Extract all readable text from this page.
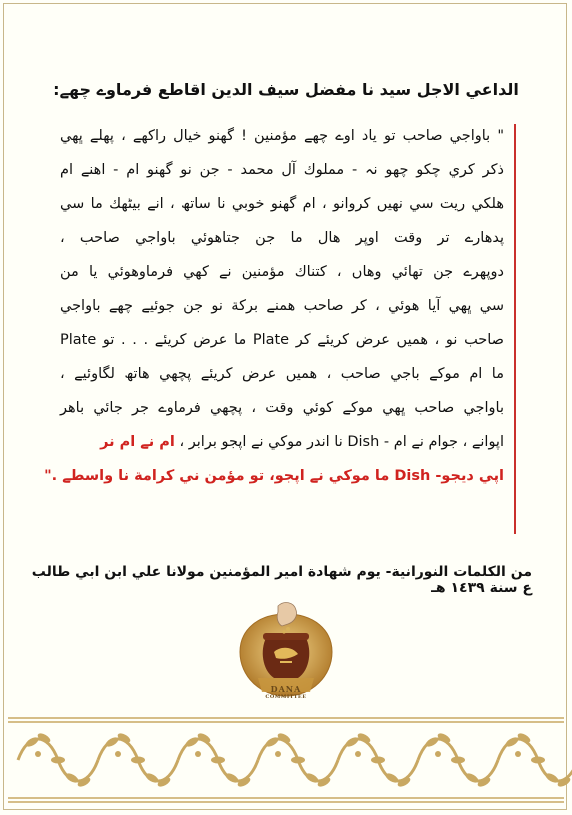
الداعي الاجل سيد نا مفضل سيف الدين اقاطع فرماوے چھے:
" باواجي صاحب تو ياد اوے چھے مؤمنين ! گھنو خيال راكھے ، پهلے ڀهي
ذكر كري چكو چهو نہ - مملوك آل محمد - جن نو گھنو ام - اهنے ام
هلكي ريت سي نهيں كروانو ، ام گھنو خوبي نا ساتھ ، انے بيٹهك ما سي
پدهارے تر وقت اوپر هال ما جن جتاهوئي باواجي صاحب ،
دوپهرے جن تھائي وهاں ، كتناك مؤمنين نے كھي فرماوهوئي يا من
سي ڀهي آيا هوئي ، كر صاحب همنے بركة نو جن جوئيے چھے باواجي
صاحب نو ، هميں عرض كريئے كر Plate ما عرض كريئے . . . تو Plate
ما ام موكے باجي صاحب ، هميں عرض كريئے پچهي هاتھ لگاوئيے ،
باواجي صاحب ڀهي موكے كوئي وقت ، پچهي فرماوے جر جائي باهر
اپوانے ، جوام نے ام - Dish نا اندر موكي نے اپجو برابر ، ام نے ام نر
اپي ديجو- Dish ما موكي نے اپجو، تو مؤمن ني كرامة نا واسطے ."
من الكلمات النورانية- يوم شهادة امير المؤمنين مولانا علي ابن ابي طالب ع سنة ١٤٣٩ هـ
DANA
COMMITTEE
